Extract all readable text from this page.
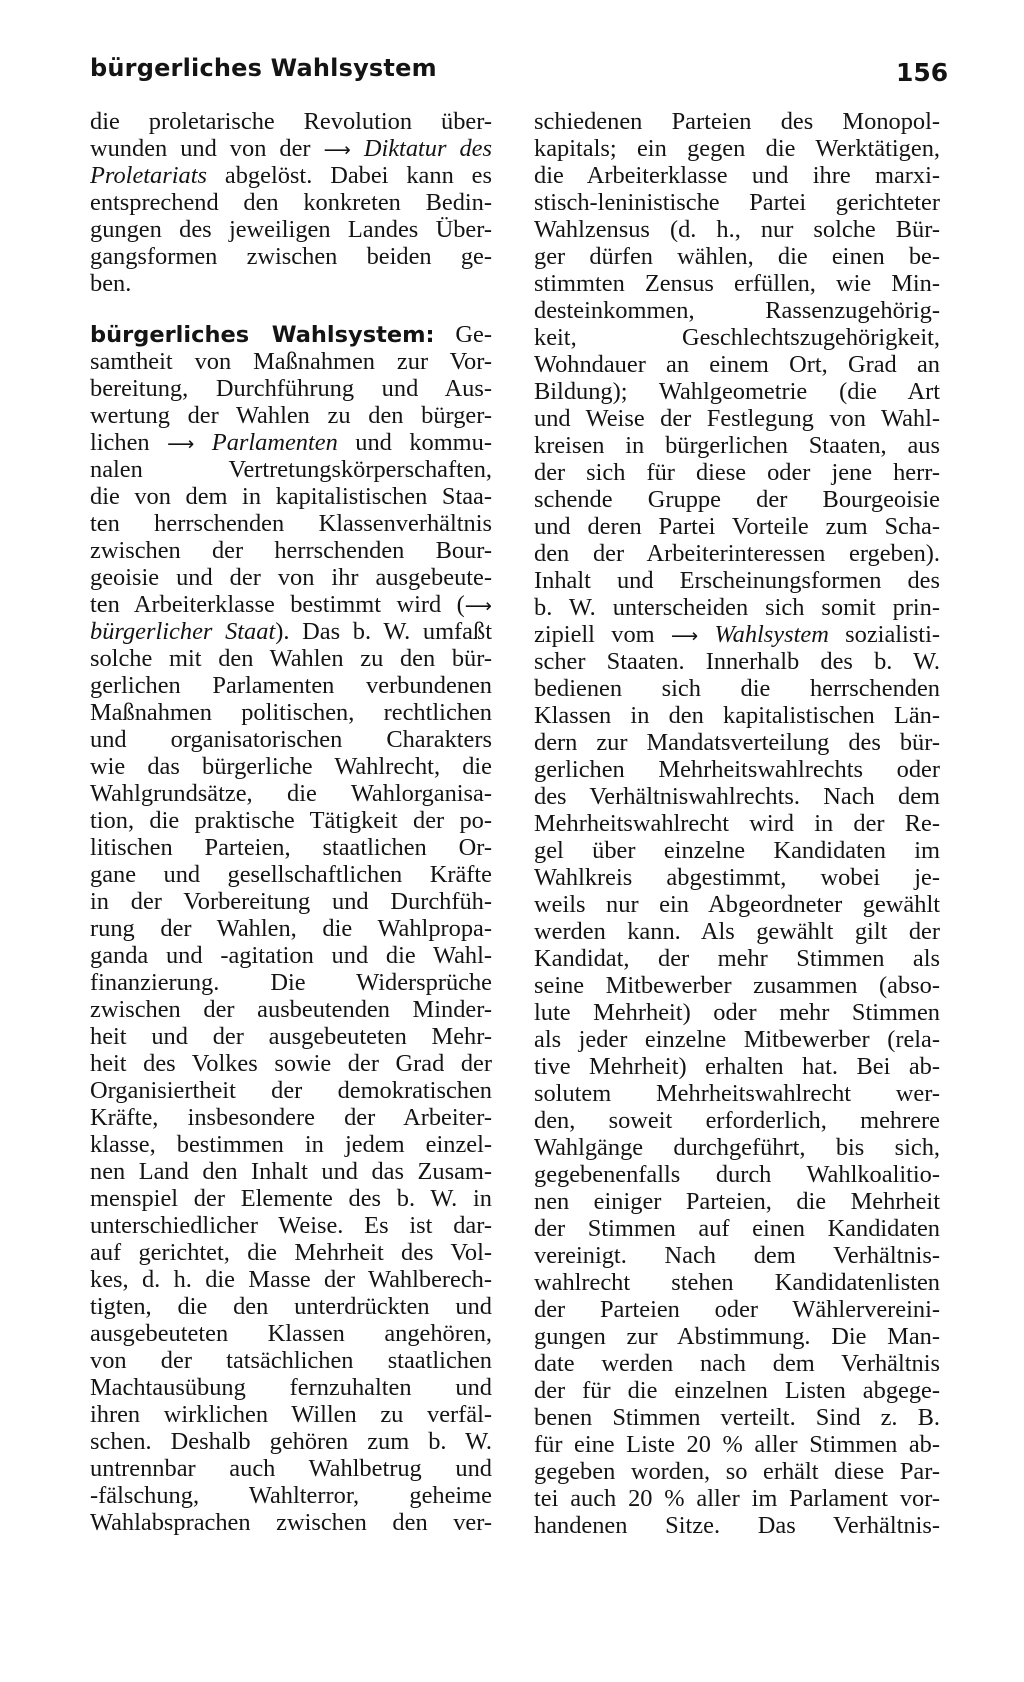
bürgerliches Wahlsystem	156
die proletarische Revolution über-
wunden und von der ⟶ Diktatur des
Proletariats abgelöst. Dabei kann es
entsprechend den konkreten Bedin-
gungen des jeweiligen Landes Über-
gangsformen zwischen beiden ge-
ben.
bürgerliches Wahlsystem: Ge-
samtheit von Maßnahmen zur Vor-
bereitung, Durchführung und Aus-
wertung der Wahlen zu den bürger-
lichen ⟶ Parlamenten und kommu-
nalen Vertretungskörperschaften,
die von dem in kapitalistischen Staa-
ten herrschenden Klassenverhältnis
zwischen der herrschenden Bour-
geoisie und der von ihr ausgebeute-
ten Arbeiterklasse bestimmt wird (⟶
bürgerlicher Staat). Das b. W. umfaßt
solche mit den Wahlen zu den bür-
gerlichen Parlamenten verbundenen
Maßnahmen politischen, rechtlichen
und organisatorischen Charakters
wie das bürgerliche Wahlrecht, die
Wahlgrundsätze, die Wahlorganisa-
tion, die praktische Tätigkeit der po-
litischen Parteien, staatlichen Or-
gane und gesellschaftlichen Kräfte
in der Vorbereitung und Durchfüh-
rung der Wahlen, die Wahlpropa-
ganda und -agitation und die Wahl-
finanzierung. Die Widersprüche
zwischen der ausbeutenden Minder-
heit und der ausgebeuteten Mehr-
heit des Volkes sowie der Grad der
Organisiertheit der demokratischen
Kräfte, insbesondere der Arbeiter-
klasse, bestimmen in jedem einzel-
nen Land den Inhalt und das Zusam-
menspiel der Elemente des b. W. in
unterschiedlicher Weise. Es ist dar-
auf gerichtet, die Mehrheit des Vol-
kes, d. h. die Masse der Wahlberech-
tigten, die den unterdrückten und
ausgebeuteten Klassen angehören,
von der tatsächlichen staatlichen
Machtausübung fernzuhalten und
ihren wirklichen Willen zu verfäl-
schen. Deshalb gehören zum b. W.
untrennbar auch Wahlbetrug und
-fälschung, Wahlterror, geheime
Wahlabsprachen zwischen den ver-
schiedenen Parteien des Monopol-
kapitals; ein gegen die Werktätigen,
die Arbeiterklasse und ihre marxi-
stisch-leninistische Partei gerichteter
Wahlzensus (d. h., nur solche Bür-
ger dürfen wählen, die einen be-
stimmten Zensus erfüllen, wie Min-
desteinkommen, Rassenzugehörig-
keit, Geschlechtszugehörigkeit,
Wohndauer an einem Ort, Grad an
Bildung); Wahlgeometrie (die Art
und Weise der Festlegung von Wahl-
kreisen in bürgerlichen Staaten, aus
der sich für diese oder jene herr-
schende Gruppe der Bourgeoisie
und deren Partei Vorteile zum Scha-
den der Arbeiterinteressen ergeben).
Inhalt und Erscheinungsformen des
b. W. unterscheiden sich somit prin-
zipiell vom ⟶ Wahlsystem sozialisti-
scher Staaten. Innerhalb des b. W.
bedienen sich die herrschenden
Klassen in den kapitalistischen Län-
dern zur Mandatsverteilung des bür-
gerlichen Mehrheitswahlrechts oder
des Verhältniswahlrechts. Nach dem
Mehrheitswahlrecht wird in der Re-
gel über einzelne Kandidaten im
Wahlkreis abgestimmt, wobei je-
weils nur ein Abgeordneter gewählt
werden kann. Als gewählt gilt der
Kandidat, der mehr Stimmen als
seine Mitbewerber zusammen (abso-
lute Mehrheit) oder mehr Stimmen
als jeder einzelne Mitbewerber (rela-
tive Mehrheit) erhalten hat. Bei ab-
solutem Mehrheitswahlrecht wer-
den, soweit erforderlich, mehrere
Wahlgänge durchgeführt, bis sich,
gegebenenfalls durch Wahlkoalitio-
nen einiger Parteien, die Mehrheit
der Stimmen auf einen Kandidaten
vereinigt. Nach dem Verhältnis-
wahlrecht stehen Kandidatenlisten
der Parteien oder Wählervereini-
gungen zur Abstimmung. Die Man-
date werden nach dem Verhältnis
der für die einzelnen Listen abgege-
benen Stimmen verteilt. Sind z. B.
für eine Liste 20 % aller Stimmen ab-
gegeben worden, so erhält diese Par-
tei auch 20 % aller im Parlament vor-
handenen Sitze. Das Verhältnis-
